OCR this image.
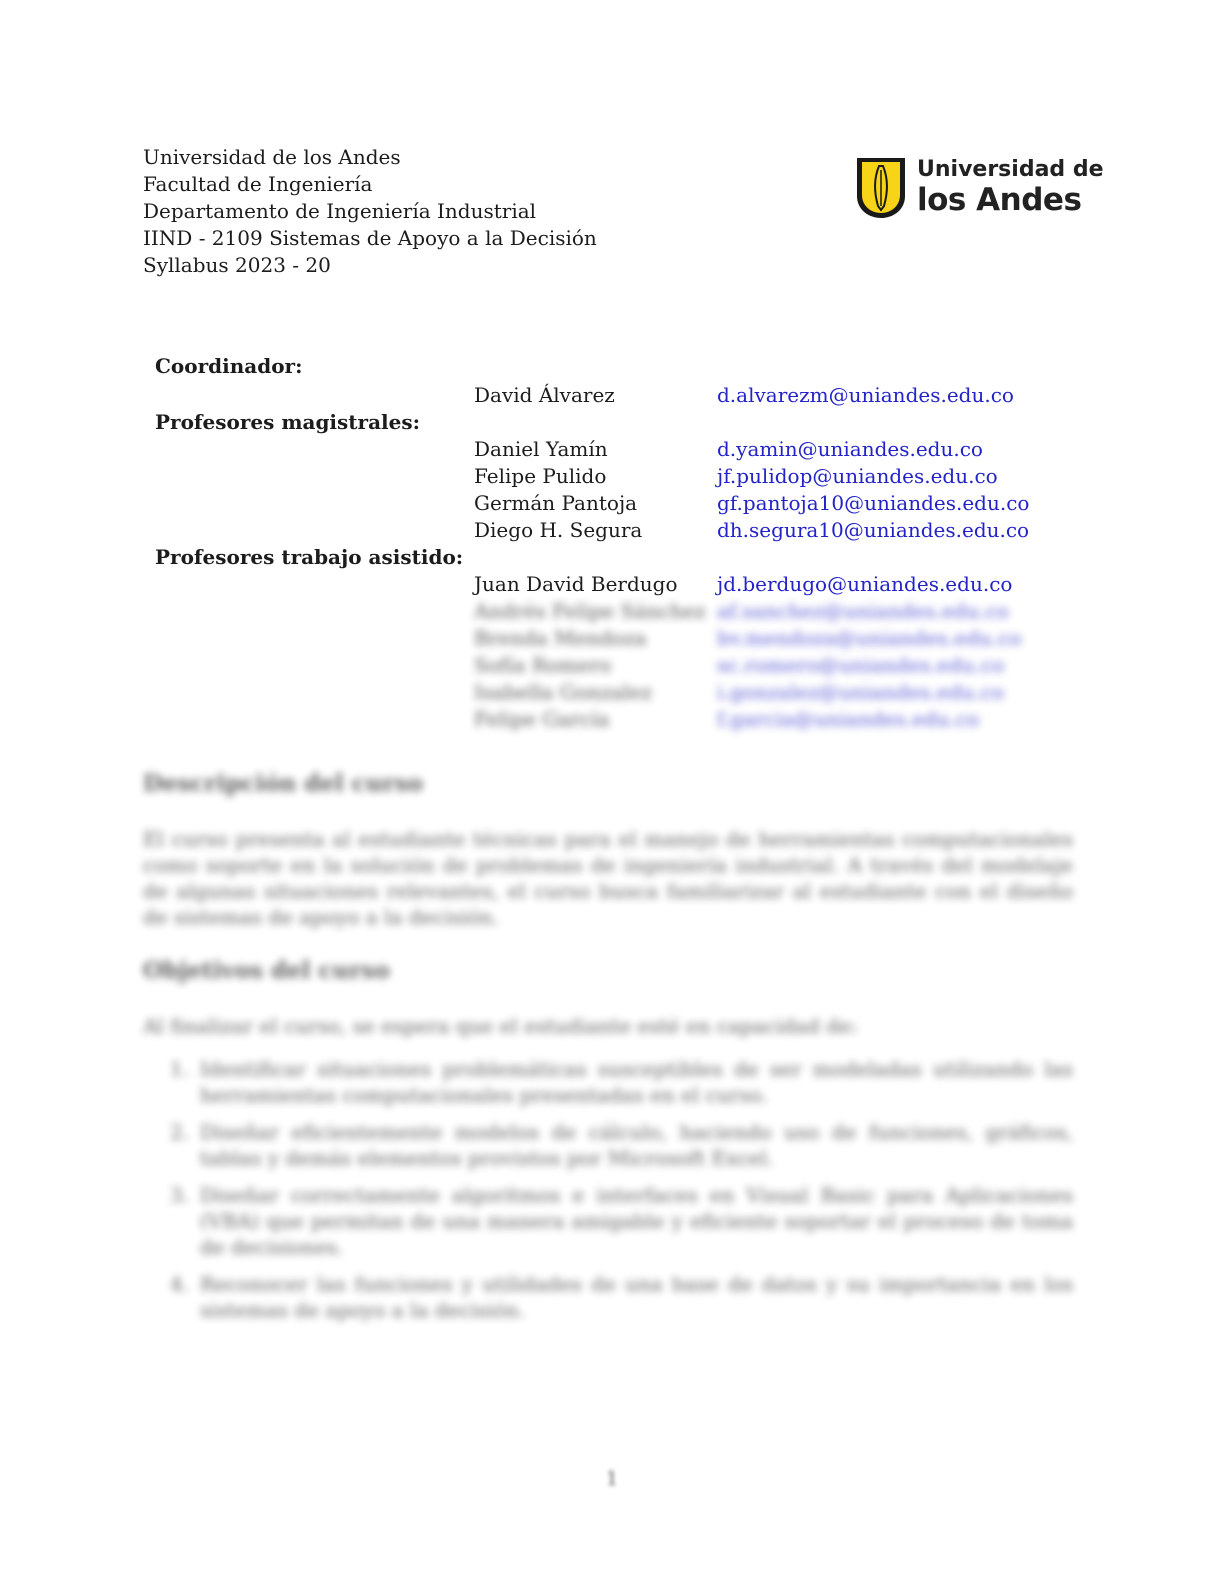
Universidad de los Andes
Facultad de Ingeniería
Departamento de Ingeniería Industrial
IIND - 2109 Sistemas de Apoyo a la Decisión
Syllabus 2023 - 20
Universidad de
los Andes
Coordinador:
David Álvarez	d.alvarezm@uniandes.edu.co
Profesores magistrales:
Daniel Yamín	d.yamin@uniandes.edu.co
Felipe Pulido	jf.pulidop@uniandes.edu.co
Germán Pantoja	gf.pantoja10@uniandes.edu.co
Diego H. Segura	dh.segura10@uniandes.edu.co
Profesores trabajo asistido:
Juan David Berdugo jd.berdugo@uniandes.edu.co
Andrés Felipe Sánchez af.sanchez@uniandes.edu.co
Brenda Mendoza	bv.mendoza@uniandes.edu.co
Sofía Romero	sc.romero@uniandes.edu.co
Isabella Gonzalez	i.gonzalez@uniandes.edu.co
Felipe García	f.garcia@uniandes.edu.co
Descripción del curso
El curso presenta al estudiante técnicas para el manejo de herramientas computacionales como soporte en la solución de problemas de ingeniería industrial. A través del modelaje de algunas situaciones relevantes, el curso busca familiarizar al estudiante con el diseño de sistemas de apoyo a la decisión.
Objetivos del curso
Al finalizar el curso, se espera que el estudiante esté en capacidad de:
1. Identificar situaciones problemáticas susceptibles de ser modeladas utilizando las herramientas computacionales presentadas en el curso.
2. Diseñar eficientemente modelos de cálculo, haciendo uso de funciones, gráficos, tablas y demás elementos provistos por Microsoft Excel.
3. Diseñar correctamente algoritmos e interfaces en Visual Basic para Aplicaciones (VBA) que permitan de una manera amigable y eficiente soportar el proceso de toma de decisiones.
4. Reconocer las funciones y utilidades de una base de datos y su importancia en los sistemas de apoyo a la decisión.
1
